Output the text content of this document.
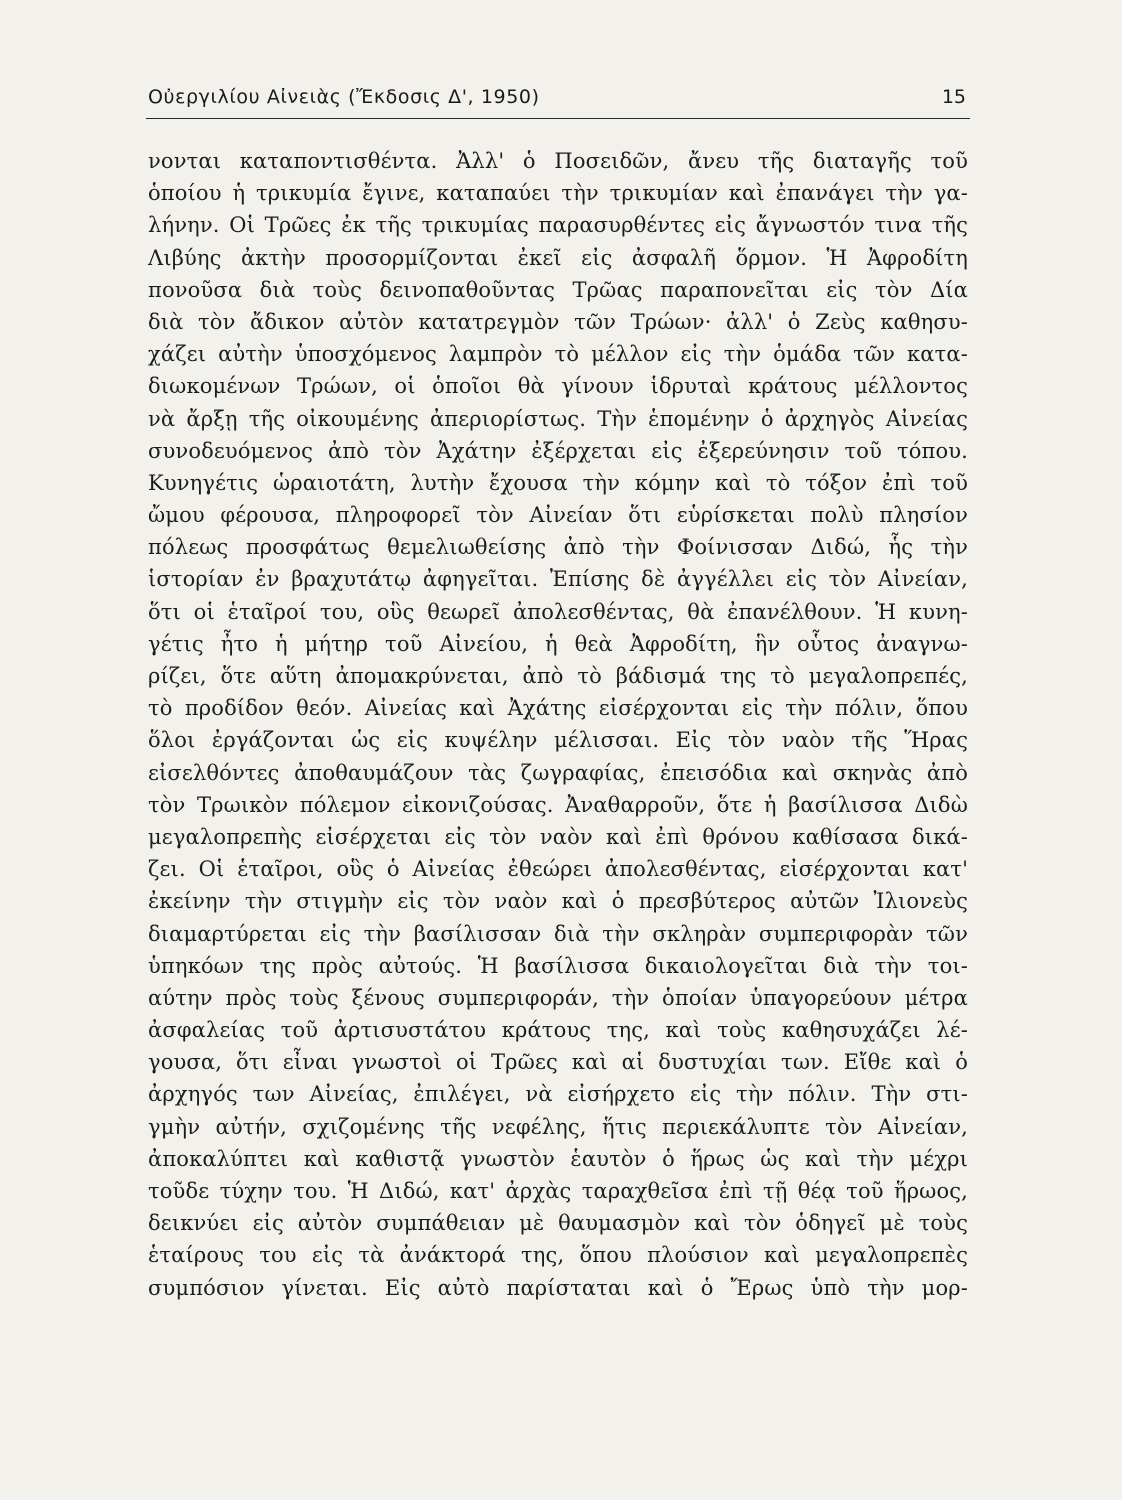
Οὐεργιλίου Αἰνειὰς (Ἔκδοσις Δ', 1950)	15
νονται καταποντισθέντα. Ἀλλ' ὁ Ποσειδῶν, ἄνευ τῆς διαταγῆς τοῦ
ὁποίου ἡ τρικυμία ἔγινε, καταπαύει τὴν τρικυμίαν καὶ ἐπανάγει τὴν γα-
λήνην. Οἱ Τρῶες ἐκ τῆς τρικυμίας παρασυρθέντες εἰς ἄγνωστόν τινα τῆς
Λιβύης ἀκτὴν προσορμίζονται ἐκεῖ εἰς ἀσφαλῆ ὅρμον. Ἡ Ἀφροδίτη
πονοῦσα διὰ τοὺς δεινοπαθοῦντας Τρῶας παραπονεῖται εἰς τὸν Δία
διὰ τὸν ἄδικον αὐτὸν κατατρεγμὸν τῶν Τρώων· ἀλλ' ὁ Ζεὺς καθησυ-
χάζει αὐτὴν ὑποσχόμενος λαμπρὸν τὸ μέλλον εἰς τὴν ὁμάδα τῶν κατα-
διωκομένων Τρώων, οἱ ὁποῖοι θὰ γίνουν ἱδρυταὶ κράτους μέλλοντος
νὰ ἄρξῃ τῆς οἰκουμένης ἀπεριορίστως. Τὴν ἑπομένην ὁ ἀρχηγὸς Αἰνείας
συνοδευόμενος ἀπὸ τὸν Ἀχάτην ἐξέρχεται εἰς ἐξερεύνησιν τοῦ τόπου.
Κυνηγέτις ὡραιοτάτη, λυτὴν ἔχουσα τὴν κόμην καὶ τὸ τόξον ἐπὶ τοῦ
ὤμου φέρουσα, πληροφορεῖ τὸν Αἰνείαν ὅτι εὑρίσκεται πολὺ πλησίον
πόλεως προσφάτως θεμελιωθείσης ἀπὸ τὴν Φοίνισσαν Διδώ, ἧς τὴν
ἱστορίαν ἐν βραχυτάτῳ ἀφηγεῖται. Ἐπίσης δὲ ἀγγέλλει εἰς τὸν Αἰνείαν,
ὅτι οἱ ἑταῖροί του, οὓς θεωρεῖ ἀπολεσθέντας, θὰ ἐπανέλθουν. Ἡ κυνη-
γέτις ἦτο ἡ μήτηρ τοῦ Αἰνείου, ἡ θεὰ Ἀφροδίτη, ἣν οὗτος ἀναγνω-
ρίζει, ὅτε αὕτη ἀπομακρύνεται, ἀπὸ τὸ βάδισμά της τὸ μεγαλοπρεπές,
τὸ προδίδον θεόν. Αἰνείας καὶ Ἀχάτης εἰσέρχονται εἰς τὴν πόλιν, ὅπου
ὅλοι ἐργάζονται ὡς εἰς κυψέλην μέλισσαι. Εἰς τὸν ναὸν τῆς Ἥρας
εἰσελθόντες ἀποθαυμάζουν τὰς ζωγραφίας, ἐπεισόδια καὶ σκηνὰς ἀπὸ
τὸν Τρωικὸν πόλεμον εἰκονιζούσας. Ἀναθαρροῦν, ὅτε ἡ βασίλισσα Διδὼ
μεγαλοπρεπὴς εἰσέρχεται εἰς τὸν ναὸν καὶ ἐπὶ θρόνου καθίσασα δικά-
ζει. Οἱ ἑταῖροι, οὓς ὁ Αἰνείας ἐθεώρει ἀπολεσθέντας, εἰσέρχονται κατ'
ἐκείνην τὴν στιγμὴν εἰς τὸν ναὸν καὶ ὁ πρεσβύτερος αὐτῶν Ἰλιονεὺς
διαμαρτύρεται εἰς τὴν βασίλισσαν διὰ τὴν σκληρὰν συμπεριφορὰν τῶν
ὑπηκόων της πρὸς αὐτούς. Ἡ βασίλισσα δικαιολογεῖται διὰ τὴν τοι-
αύτην πρὸς τοὺς ξένους συμπεριφοράν, τὴν ὁποίαν ὑπαγορεύουν μέτρα
ἀσφαλείας τοῦ ἀρτισυστάτου κράτους της, καὶ τοὺς καθησυχάζει λέ-
γουσα, ὅτι εἶναι γνωστοὶ οἱ Τρῶες καὶ αἱ δυστυχίαι των. Εἴθε καὶ ὁ
ἀρχηγός των Αἰνείας, ἐπιλέγει, νὰ εἰσήρχετο εἰς τὴν πόλιν. Τὴν στι-
γμὴν αὐτήν, σχιζομένης τῆς νεφέλης, ἥτις περιεκάλυπτε τὸν Αἰνείαν,
ἀποκαλύπτει καὶ καθιστᾷ γνωστὸν ἑαυτὸν ὁ ἥρως ὡς καὶ τὴν μέχρι
τοῦδε τύχην του. Ἡ Διδώ, κατ' ἀρχὰς ταραχθεῖσα ἐπὶ τῇ θέᾳ τοῦ ἥρωος,
δεικνύει εἰς αὐτὸν συμπάθειαν μὲ θαυμασμὸν καὶ τὸν ὁδηγεῖ μὲ τοὺς
ἑταίρους του εἰς τὰ ἀνάκτορά της, ὅπου πλούσιον καὶ μεγαλοπρεπὲς
συμπόσιον γίνεται. Εἰς αὐτὸ παρίσταται καὶ ὁ Ἔρως ὑπὸ τὴν μορ-
